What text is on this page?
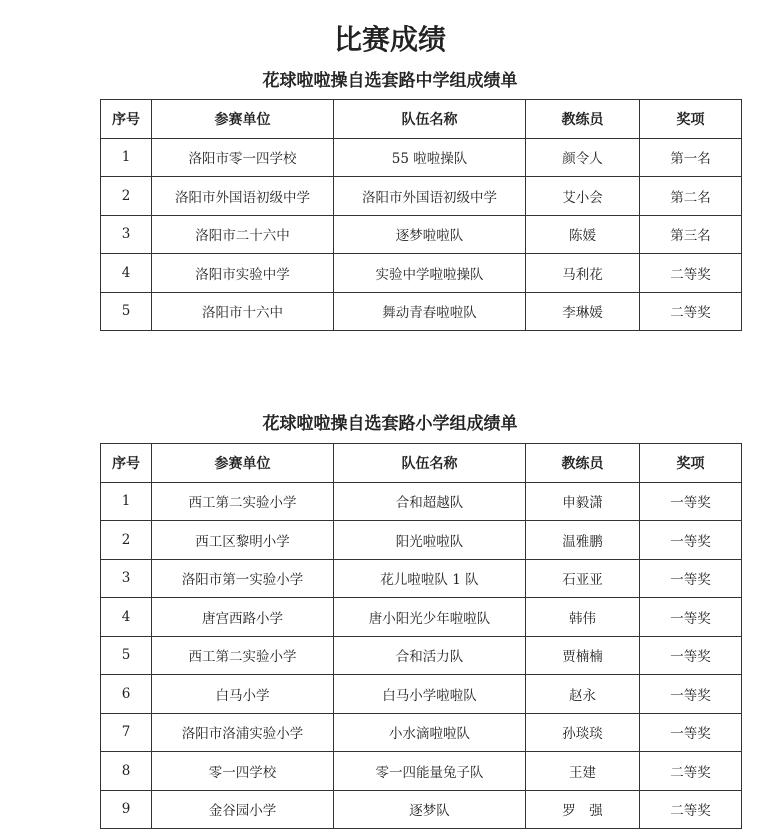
比赛成绩
花球啦啦操自选套路中学组成绩单
序号	参赛单位	队伍名称	教练员	奖项
1	洛阳市零一四学校	55 啦啦操队	颜令人	第一名
2	洛阳市外国语初级中学	洛阳市外国语初级中学	艾小会	第二名
3	洛阳市二十六中	逐梦啦啦队	陈媛	第三名
4	洛阳市实验中学	实验中学啦啦操队	马利花	二等奖
5	洛阳市十六中	舞动青春啦啦队	李琳媛	二等奖
花球啦啦操自选套路小学组成绩单
序号	参赛单位	队伍名称	教练员	奖项
1	西工第二实验小学	合和超越队	申毅潇	一等奖
2	西工区黎明小学	阳光啦啦队	温雅鹏	一等奖
3	洛阳市第一实验小学	花儿啦啦队 1 队	石亚亚	一等奖
4	唐宫西路小学	唐小阳光少年啦啦队	韩伟	一等奖
5	西工第二实验小学	合和活力队	贾楠楠	一等奖
6	白马小学	白马小学啦啦队	赵永	一等奖
7	洛阳市洛浦实验小学	小水滴啦啦队	孙琰琰	一等奖
8	零一四学校	零一四能量兔子队	王建	二等奖
9	金谷园小学	逐梦队	罗　强	二等奖
